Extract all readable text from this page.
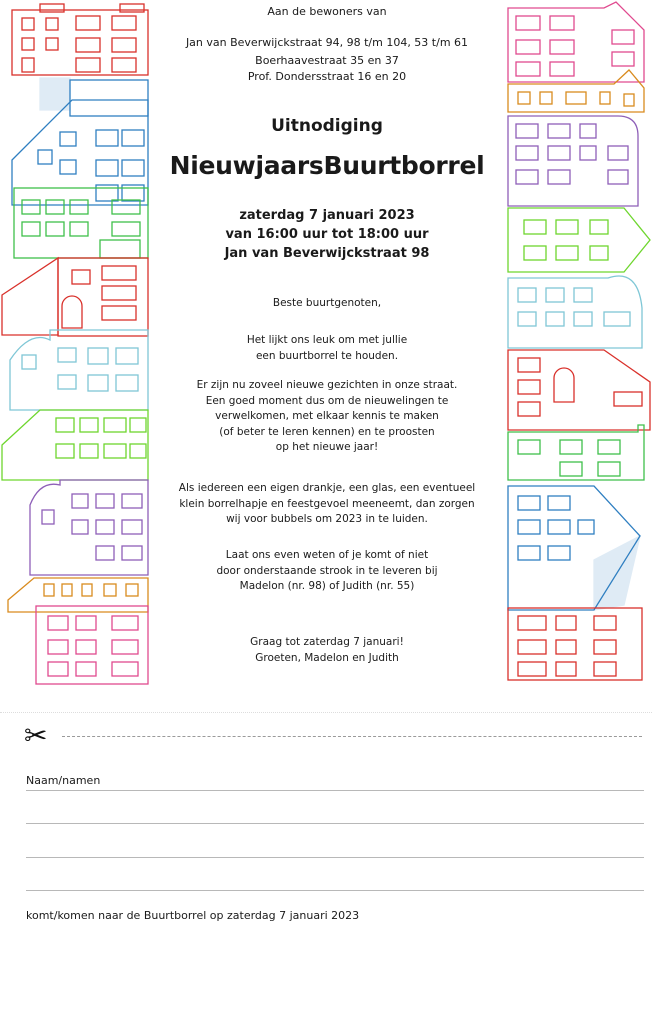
Aan de bewoners van
Jan van Beverwijckstraat 94, 98 t/m 104, 53 t/m 61
Boerhaavestraat 35 en 37
Prof. Dondersstraat 16 en 20
Uitnodiging
NieuwjaarsBuurtborrel
zaterdag 7 januari 2023
van 16:00 uur tot 18:00 uur
Jan van Beverwijckstraat 98
Beste buurtgenoten,
Het lijkt ons leuk om met jullie
een buurtborrel te houden.
Er zijn nu zoveel nieuwe gezichten in onze straat.
Een goed moment dus om de nieuwelingen te
verwelkomen, met elkaar kennis te maken
(of beter te leren kennen) en te proosten
op het nieuwe jaar!
Als iedereen een eigen drankje, een glas, een eventueel
klein borrelhapje en feestgevoel meeneemt, dan zorgen
wij voor bubbels om 2023 in te luiden.
Laat ons even weten of je komt of niet
door onderstaande strook in te leveren bij
Madelon (nr. 98) of Judith (nr. 55)
Graag tot zaterdag 7 januari!
Groeten, Madelon en Judith
✂
Naam/namen
komt/komen naar de Buurtborrel op zaterdag 7 januari 2023
